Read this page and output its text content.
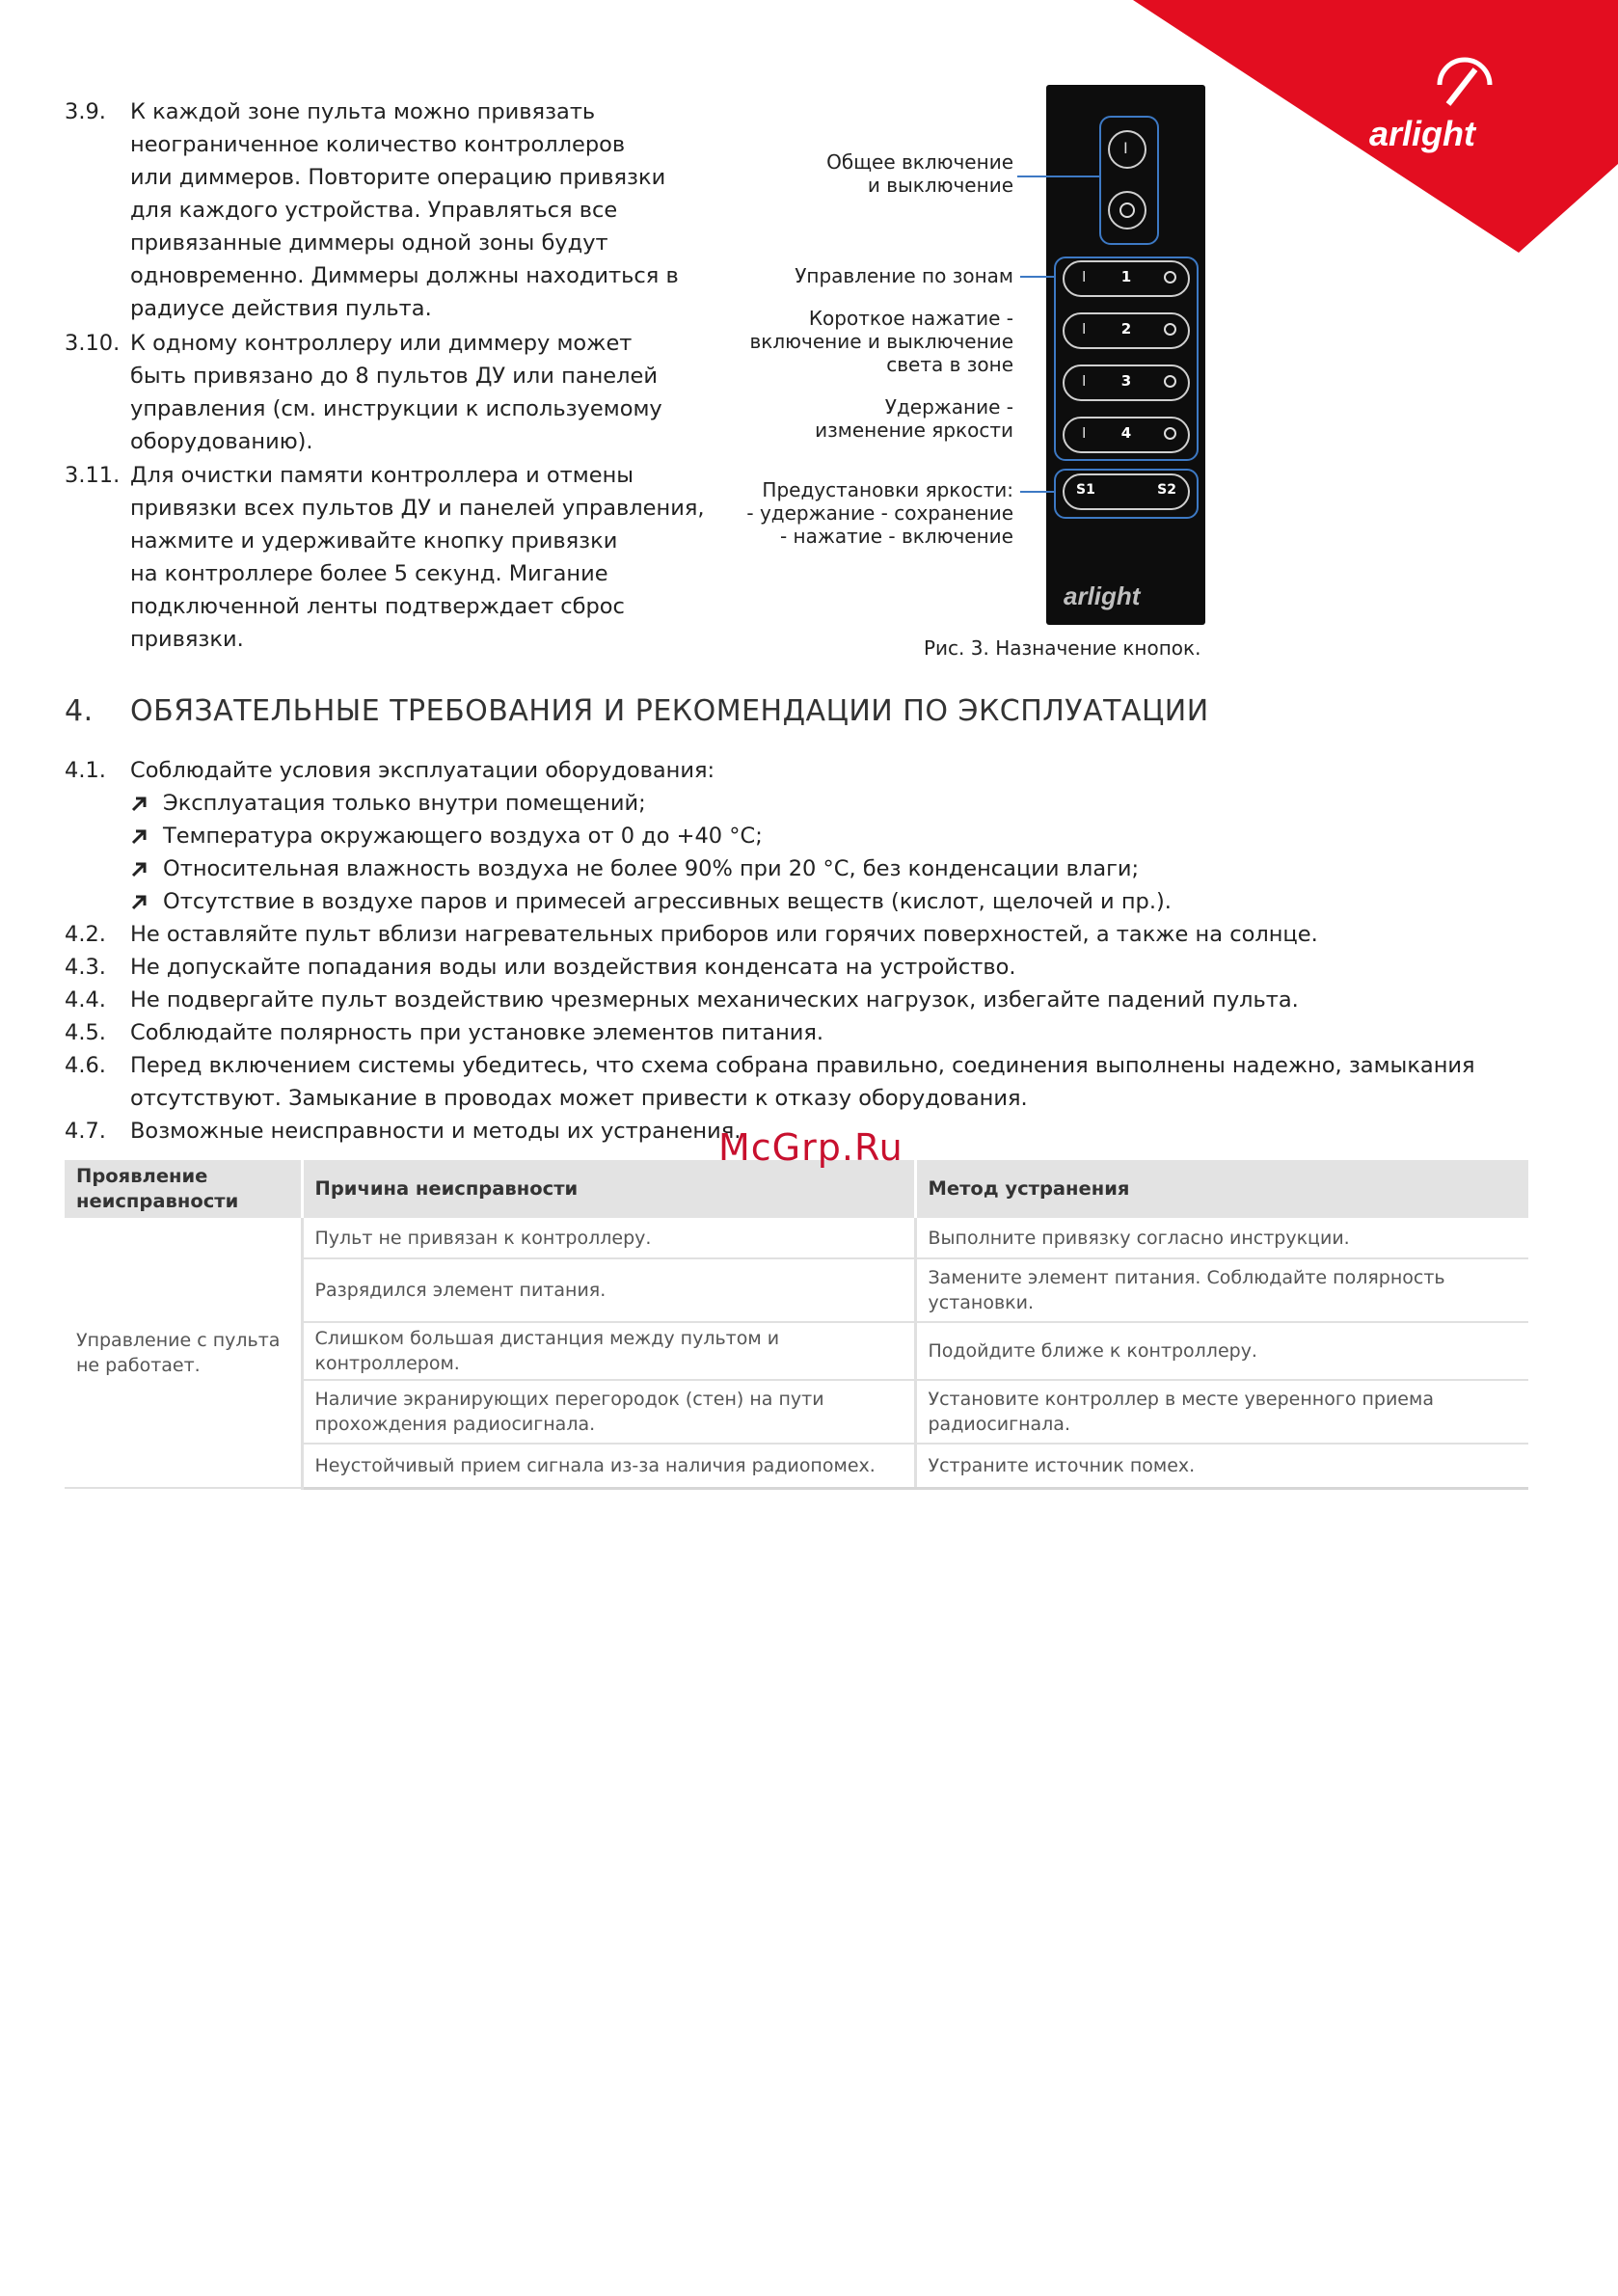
arlight
3.9.	К каждой зоне пульта можно привязать
неограниченное количество контроллеров
или диммеров. Повторите операцию привязки
для каждого устройства. Управляться все
привязанные диммеры одной зоны будут
одновременно. Диммеры должны находиться в
радиусе действия пульта.
3.10. К одному контроллеру или диммеру может
быть привязано до 8 пультов ДУ или панелей
управления (см. инструкции к используемому
оборудованию).
3.11. Для очистки памяти контроллера и отмены
привязки всех пультов ДУ и панелей управления,
нажмите и удерживайте кнопку привязки
на контроллере более 5 секунд. Мигание
подключенной ленты подтверждает сброс
привязки.
I
I	1
I	2
I	3
I	4
S1	S2
arlight
Общее включение
и выключение
Управление по зонам
Короткое нажатие -
включение и выключение
света в зоне
Удержание -
изменение яркости
Предустановки яркости:
- удержание - сохранение
- нажатие - включение
Рис. 3. Назначение кнопок.
4. ОБЯЗАТЕЛЬНЫЕ ТРЕБОВАНИЯ И РЕКОМЕНДАЦИИ ПО ЭКСПЛУАТАЦИИ
4.1. Соблюдайте условия эксплуатации оборудования:
Эксплуатация только внутри помещений;
Температура окружающего воздуха от 0 до +40 °C;
Относительная влажность воздуха не более 90% при 20 °C, без конденсации влаги;
Отсутствие в воздухе паров и примесей агрессивных веществ (кислот, щелочей и пр.).
4.2. Не оставляйте пульт вблизи нагревательных приборов или горячих поверхностей, а также на солнце.
4.3. Не допускайте попадания воды или воздействия конденсата на устройство.
4.4. Не подвергайте пульт воздействию чрезмерных механических нагрузок, избегайте падений пульта.
4.5. Соблюдайте полярность при установке элементов питания.
4.6. Перед включением системы убедитесь, что схема собрана правильно, соединения выполнены надежно, замыкания
отсутствуют. Замыкание в проводах может привести к отказу оборудования.
4.7. Возможные неисправности и методы их устранения.
Проявление неисправности	Причина неисправности	Метод устранения
Управление с пульта не работает.	Пульт не привязан к контроллеру.	Выполните привязку согласно инструкции.
	Разрядился элемент питания.	Замените элемент питания. Соблюдайте полярность установки.
	Слишком большая дистанция между пультом и контроллером.	Подойдите ближе к контроллеру.
	Наличие экранирующих перегородок (стен) на пути прохождения радиосигнала.	Установите контроллер в месте уверенного приема радиосигнала.
	Неустойчивый прием сигнала из-за наличия радиопомех.	Устраните источник помех.
McGrp.Ru
